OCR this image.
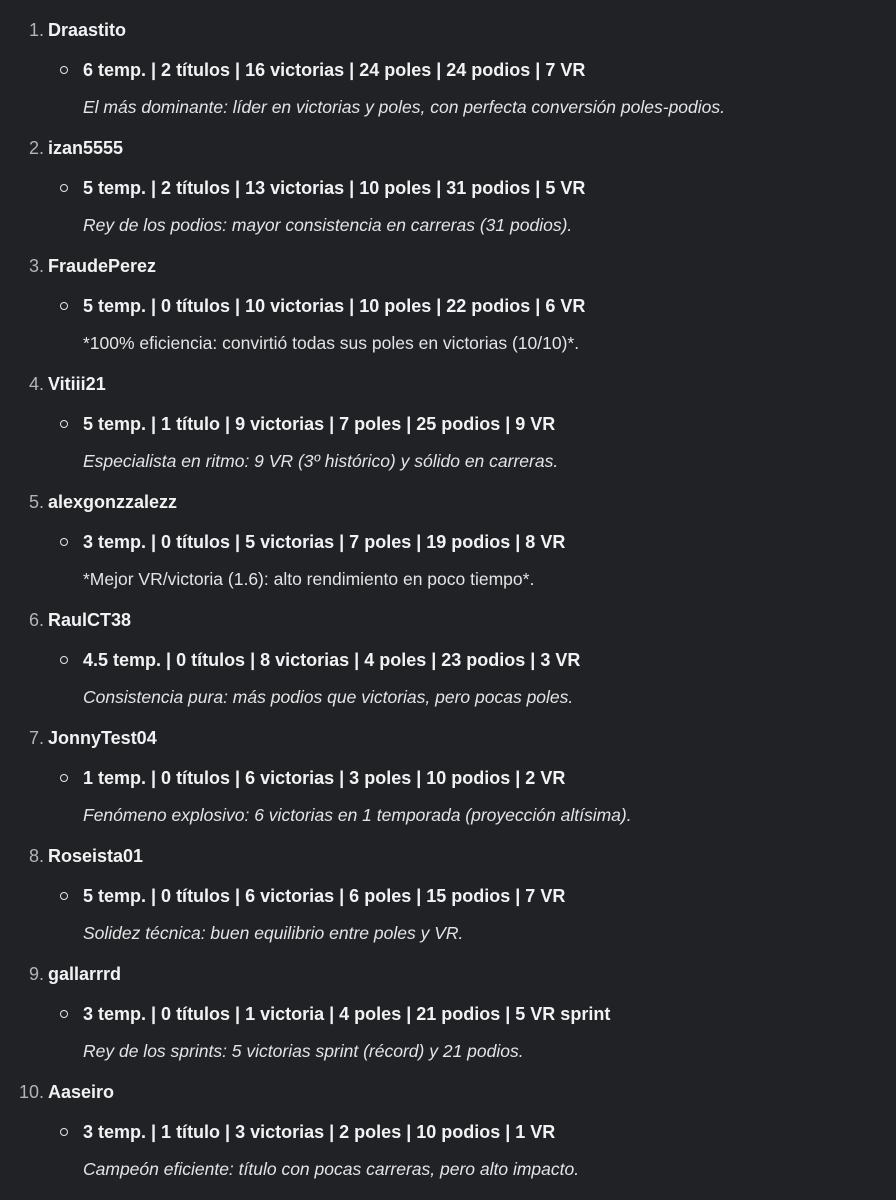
1. Draastito
6 temp. | 2 títulos | 16 victorias | 24 poles | 24 podios | 7 VR
El más dominante: líder en victorias y poles, con perfecta conversión poles-podios.
2. izan5555
5 temp. | 2 títulos | 13 victorias | 10 poles | 31 podios | 5 VR
Rey de los podios: mayor consistencia en carreras (31 podios).
3. FraudePerez
5 temp. | 0 títulos | 10 victorias | 10 poles | 22 podios | 6 VR
*100% eficiencia: convirtió todas sus poles en victorias (10/10)*.
4. Vitiii21
5 temp. | 1 título | 9 victorias | 7 poles | 25 podios | 9 VR
Especialista en ritmo: 9 VR (3º histórico) y sólido en carreras.
5. alexgonzzalezz
3 temp. | 0 títulos | 5 victorias | 7 poles | 19 podios | 8 VR
*Mejor VR/victoria (1.6): alto rendimiento en poco tiempo*.
6. RaulCT38
4.5 temp. | 0 títulos | 8 victorias | 4 poles | 23 podios | 3 VR
Consistencia pura: más podios que victorias, pero pocas poles.
7. JonnyTest04
1 temp. | 0 títulos | 6 victorias | 3 poles | 10 podios | 2 VR
Fenómeno explosivo: 6 victorias en 1 temporada (proyección altísima).
8. Roseista01
5 temp. | 0 títulos | 6 victorias | 6 poles | 15 podios | 7 VR
Solidez técnica: buen equilibrio entre poles y VR.
9. gallarrrd
3 temp. | 0 títulos | 1 victoria | 4 poles | 21 podios | 5 VR sprint
Rey de los sprints: 5 victorias sprint (récord) y 21 podios.
10. Aaseiro
3 temp. | 1 título | 3 victorias | 2 poles | 10 podios | 1 VR
Campeón eficiente: título con pocas carreras, pero alto impacto.
